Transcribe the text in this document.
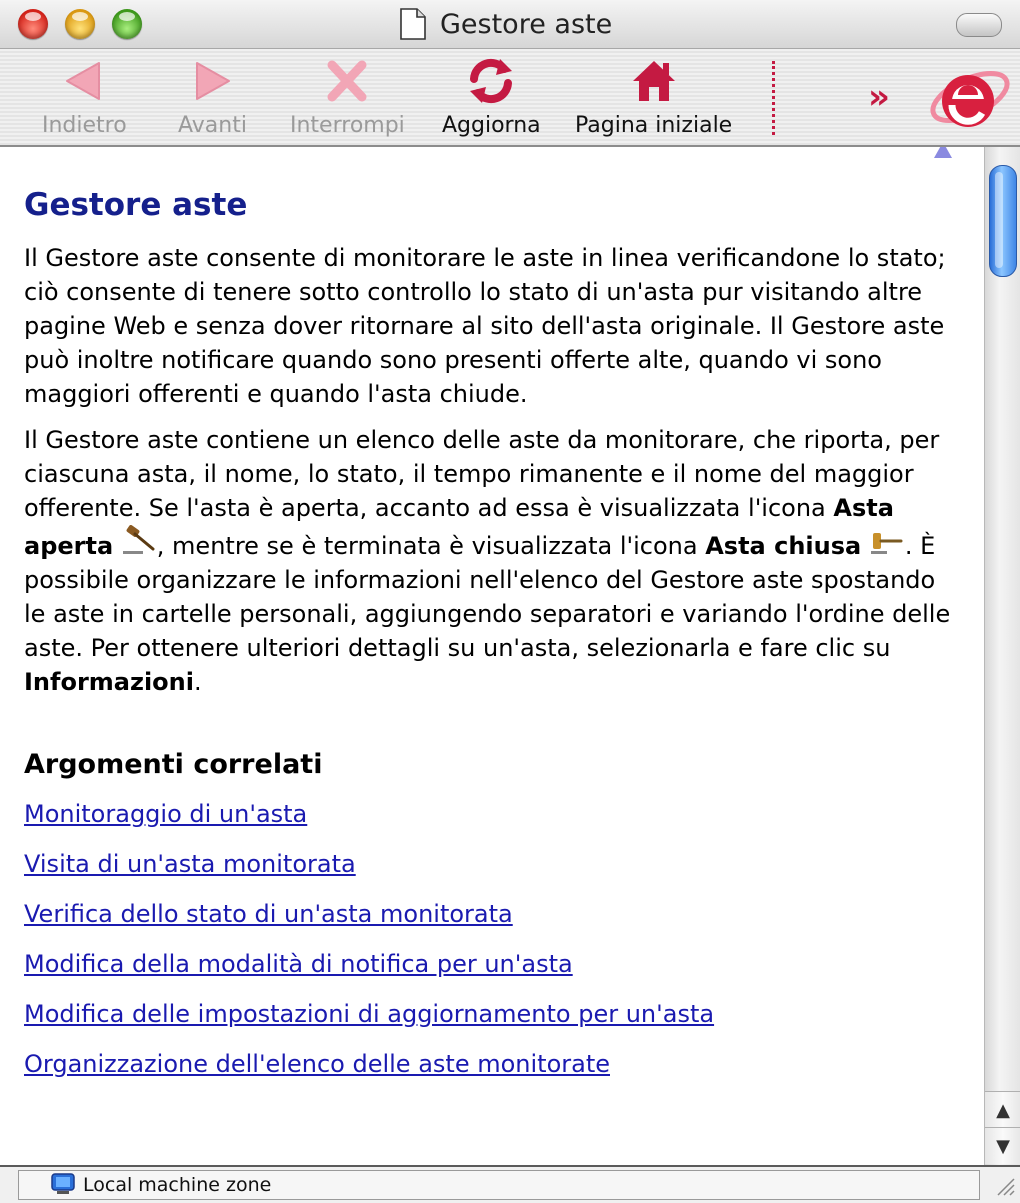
Gestore aste
Indietro Avanti Interrompi Aggiorna Pagina iniziale
»
Gestore aste

Il Gestore aste consente di monitorare le aste in linea verificandone lo stato; ciò consente di tenere sotto controllo lo stato di un'asta pur visitando altre pagine Web e senza dover ritornare al sito dell'asta originale. Il Gestore aste può inoltre notificare quando sono presenti offerte alte, quando vi sono maggiori offerenti e quando l'asta chiude.

Il Gestore aste contiene un elenco delle aste da monitorare, che riporta, per ciascuna asta, il nome, lo stato, il tempo rimanente e il nome del maggior offerente. Se l'asta è aperta, accanto ad essa è visualizzata l'icona Asta aperta , mentre se è terminata è visualizzata l'icona Asta chiusa . È possibile organizzare le informazioni nell'elenco del Gestore aste spostando le aste in cartelle personali, aggiungendo separatori e variando l'ordine delle aste. Per ottenere ulteriori dettagli su un'asta, selezionarla e fare clic su Informazioni.

Argomenti correlati
Monitoraggio di un'asta
Visita di un'asta monitorata
Verifica dello stato di un'asta monitorata
Modifica della modalità di notifica per un'asta
Modifica delle impostazioni di aggiornamento per un'asta
Organizzazione dell'elenco delle aste monitorate
▲
▼
Local machine zone
